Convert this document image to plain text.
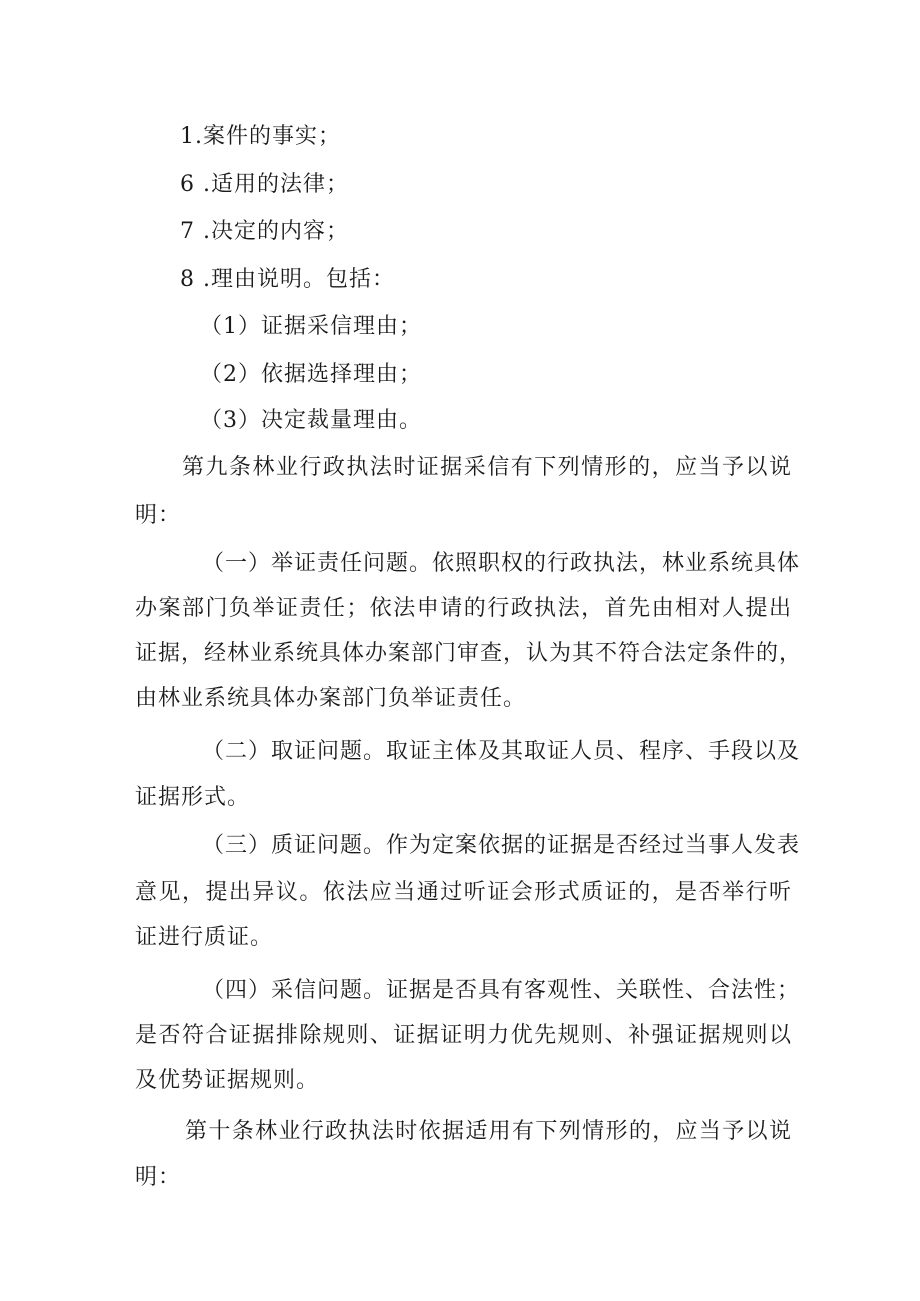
1.案件的事实；
6 .适用的法律；
7 .决定的内容；
8 .理由说明。包括：
（1）证据采信理由；
（2）依据选择理由；
（3）决定裁量理由。
第九条林业行政执法时证据采信有下列情形的，应当予以说
明：
（一）举证责任问题。依照职权的行政执法，林业系统具体
办案部门负举证责任；依法申请的行政执法，首先由相对人提出
证据，经林业系统具体办案部门审查，认为其不符合法定条件的，
由林业系统具体办案部门负举证责任。
（二）取证问题。取证主体及其取证人员、程序、手段以及
证据形式。
（三）质证问题。作为定案依据的证据是否经过当事人发表
意见，提出异议。依法应当通过听证会形式质证的，是否举行听
证进行质证。
（四）采信问题。证据是否具有客观性、关联性、合法性；
是否符合证据排除规则、证据证明力优先规则、补强证据规则以
及优势证据规则。
第十条林业行政执法时依据适用有下列情形的，应当予以说
明：
